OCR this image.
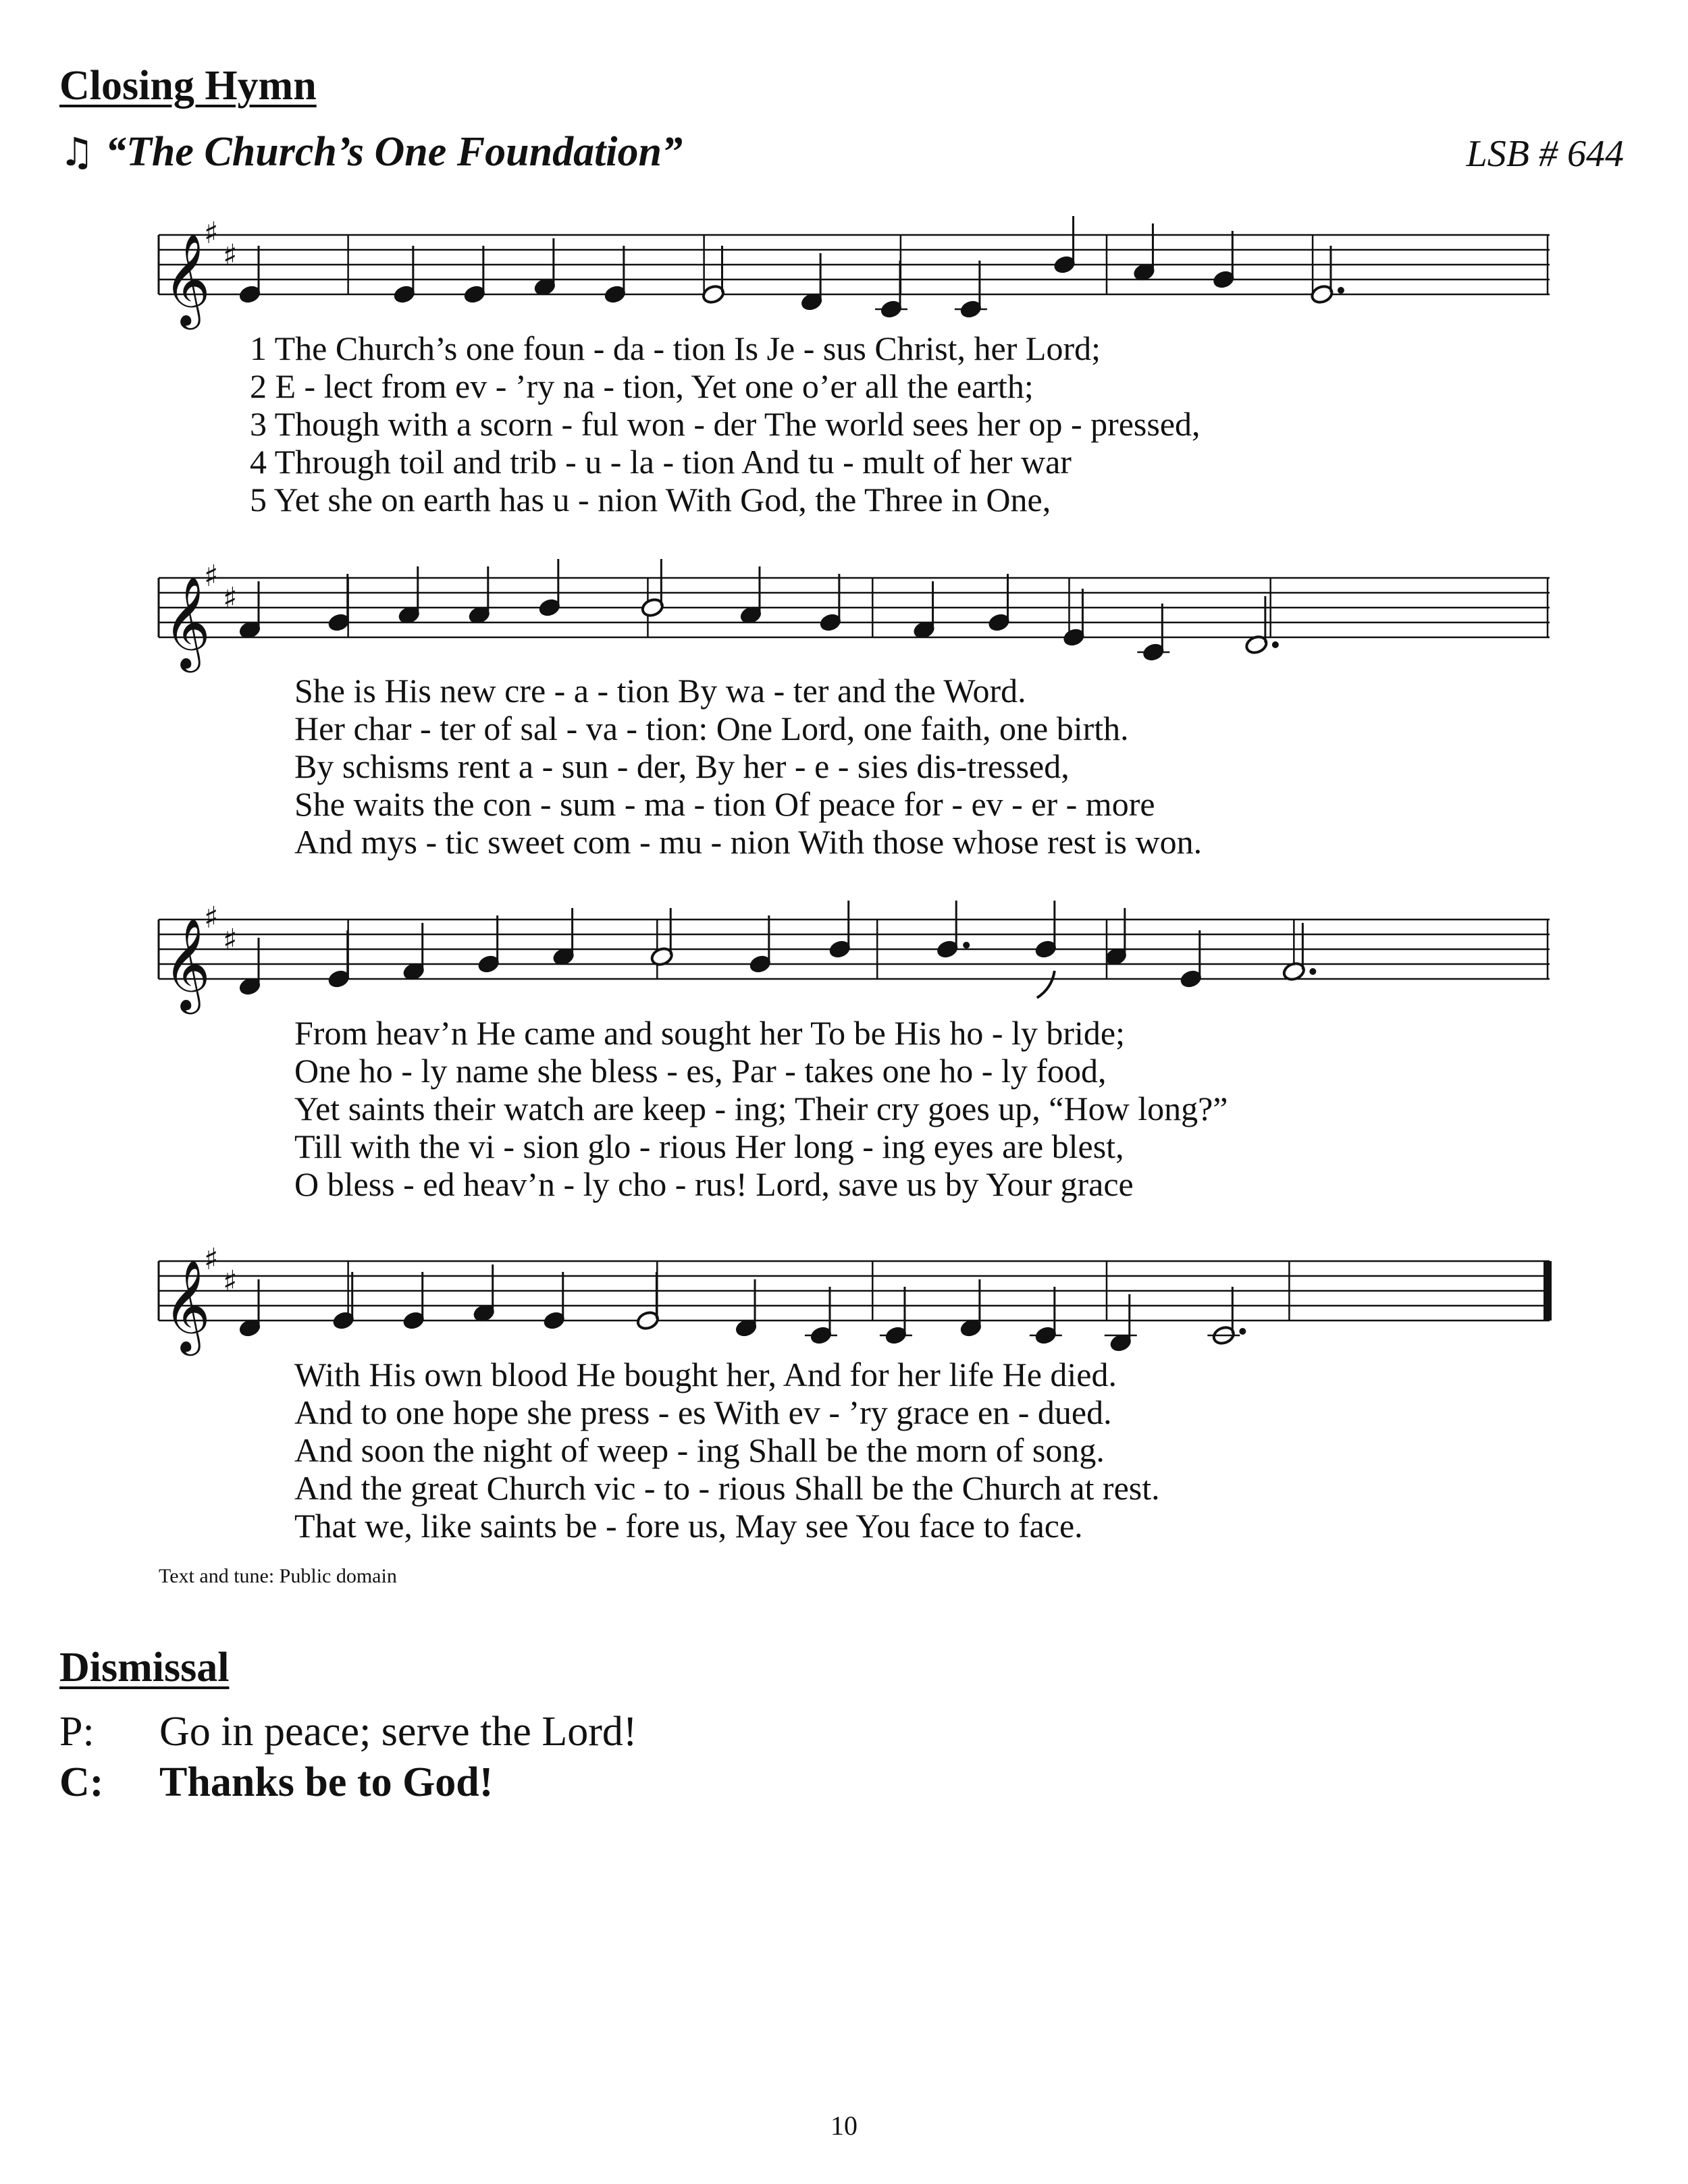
Closing Hymn
♫ “The Church’s One Foundation”	LSB # 644
𝄞
♯
♯
𝄞
♯
♯
𝄞
♯
♯
𝄞
♯
♯
1 The Church’s one foun - da - tion Is Je - sus Christ, her Lord;
2 E - lect from ev - ’ry na - tion, Yet one o’er all the earth;
3 Though with a scorn - ful won - der The world sees her op - pressed,
4 Through toil and trib - u - la - tion And tu - mult of her war
5 Yet she on earth has u - nion With God, the Three in One,
She is His new cre - a - tion By wa - ter and the Word.
Her char - ter of sal - va - tion: One Lord, one faith, one birth.
By schisms rent a - sun - der, By her - e - sies dis-tressed,
She waits the con - sum - ma - tion Of peace for - ev - er - more
And mys - tic sweet com - mu - nion With those whose rest is won.
From heav’n He came and sought her To be His ho - ly bride;
One ho - ly name she bless - es, Par - takes one ho - ly food,
Yet saints their watch are keep - ing; Their cry goes up, “How long?”
Till with the vi - sion glo - rious Her long - ing eyes are blest,
O bless - ed heav’n - ly cho - rus! Lord, save us by Your grace
With His own blood He bought her, And for her life He died.
And to one hope she press - es With ev - ’ry grace en - dued.
And soon the night of weep - ing Shall be the morn of song.
And the great Church vic - to - rious Shall be the Church at rest.
That we, like saints be - fore us, May see You face to face.
Text and tune: Public domain
Dismissal
P: Go in peace; serve the Lord!
C: Thanks be to God!
10
